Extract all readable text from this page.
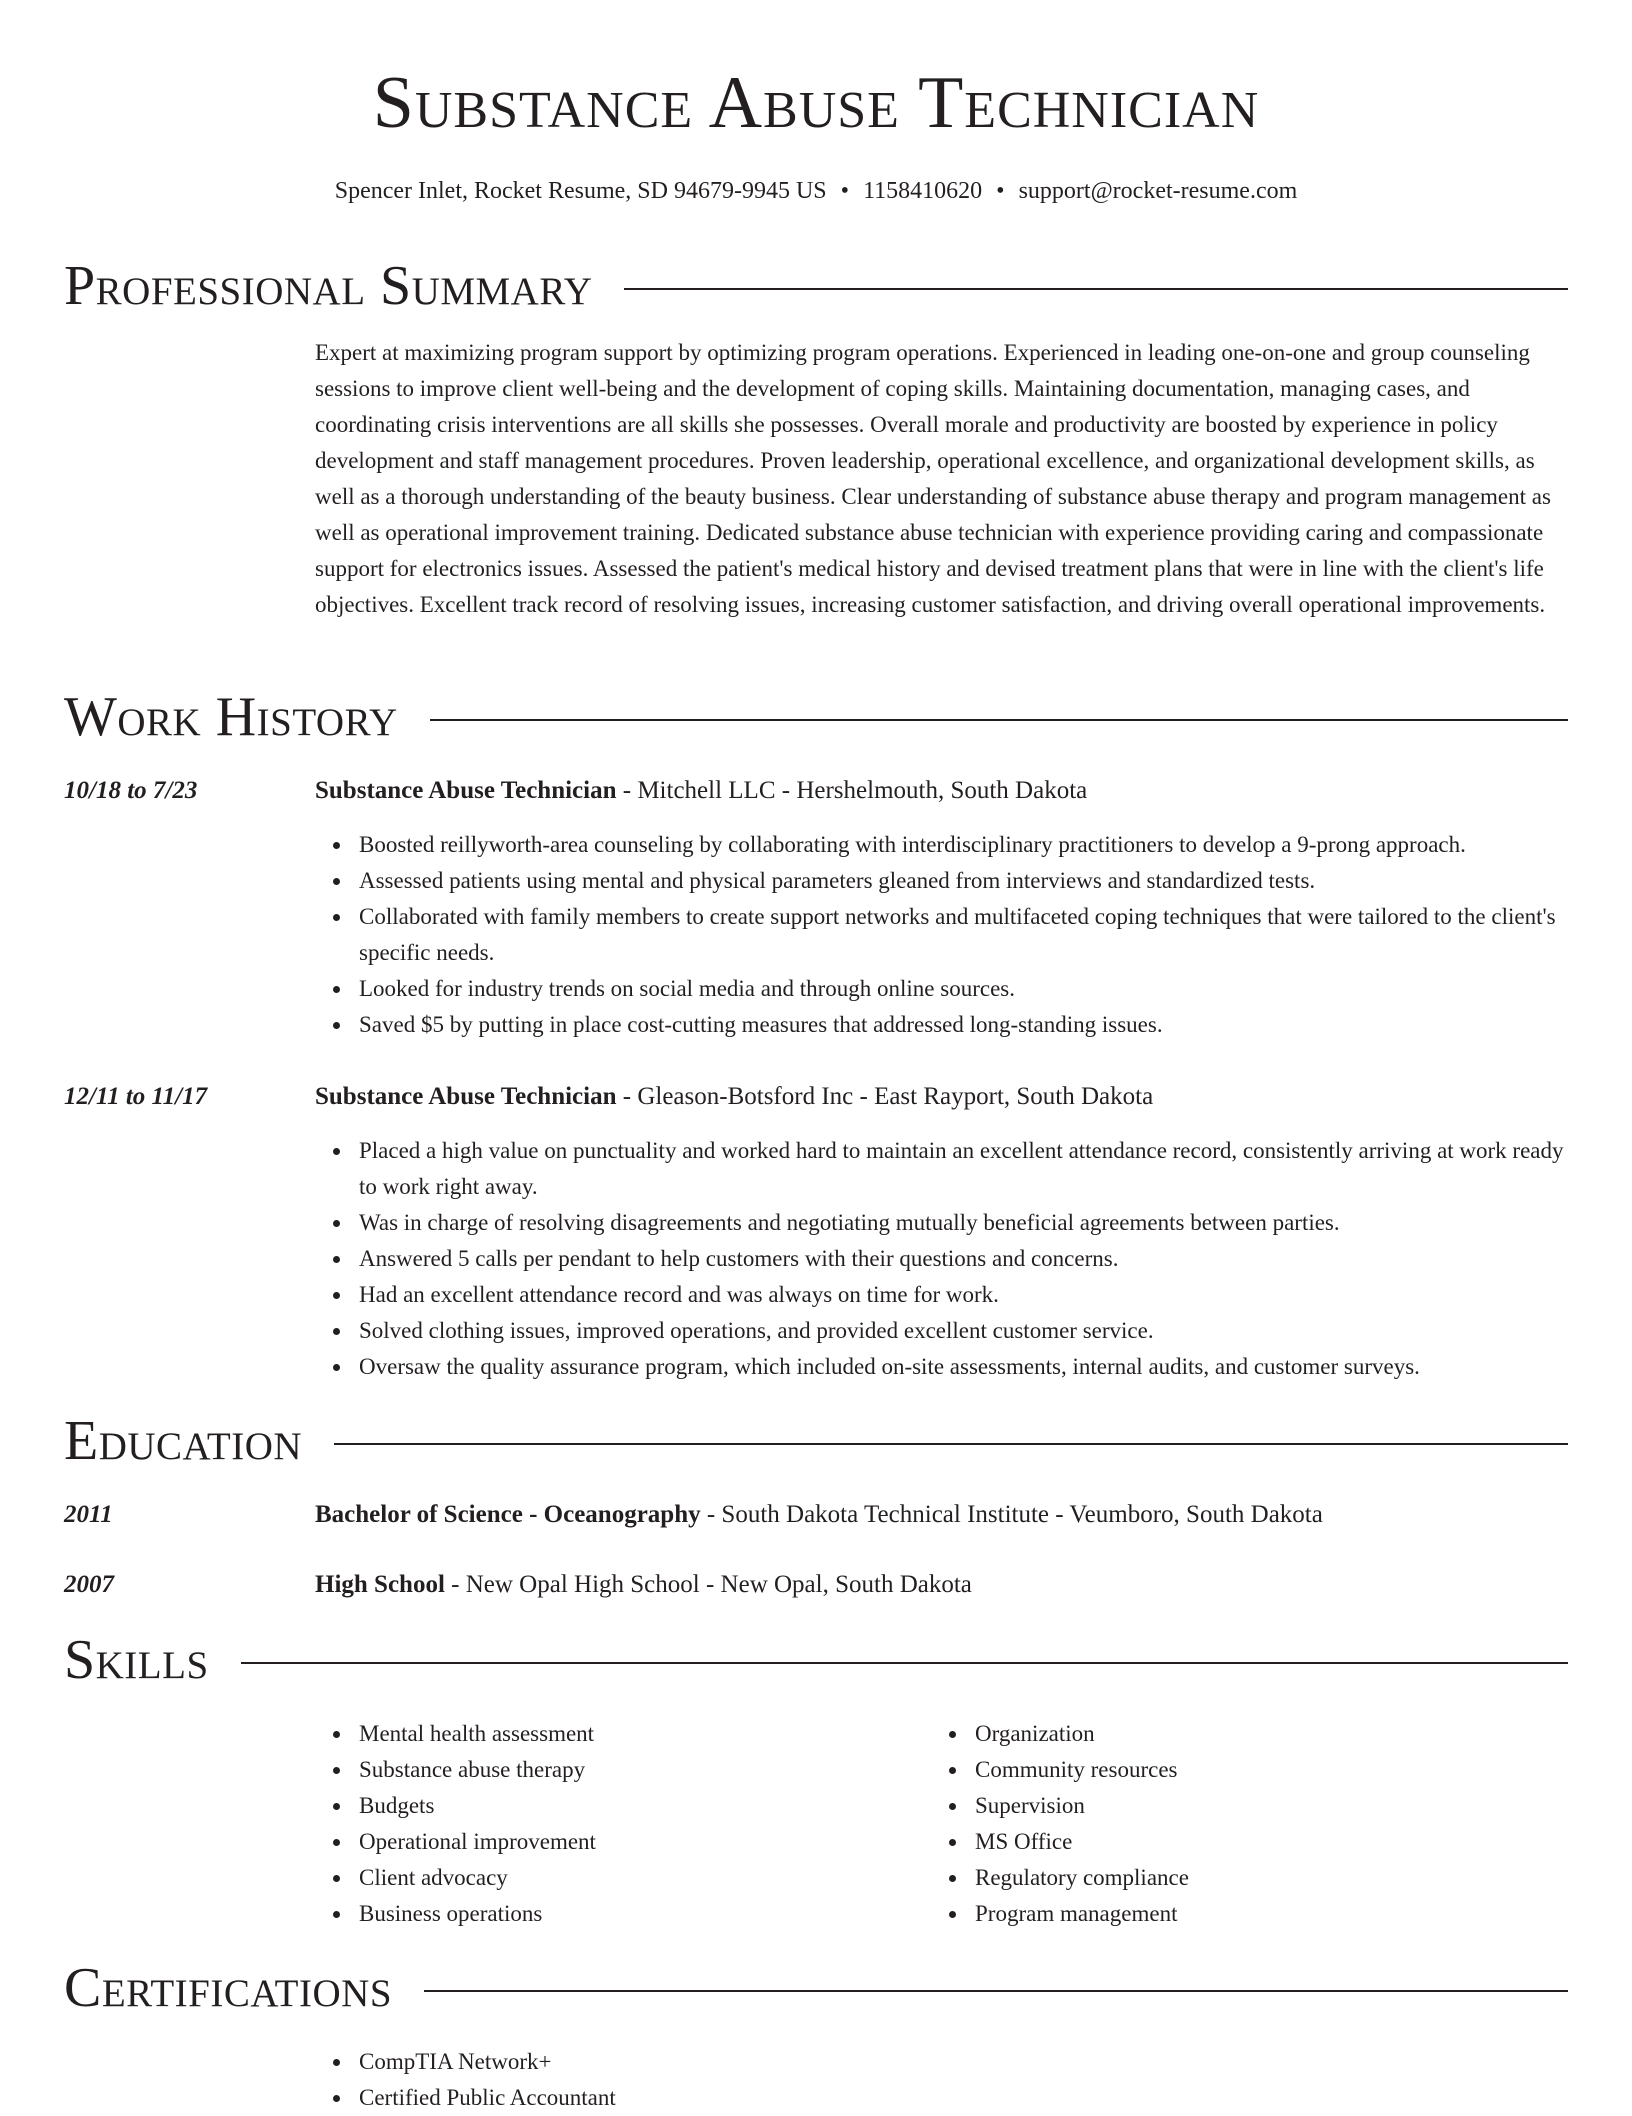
Substance Abuse Technician
Spencer Inlet, Rocket Resume, SD 94679-9945 US • 1158410620 • support@rocket-resume.com
Professional Summary

Expert at maximizing program support by optimizing program operations. Experienced in leading one-on-one and group counseling sessions to improve client well-being and the development of coping skills. Maintaining documentation, managing cases, and coordinating crisis interventions are all skills she possesses. Overall morale and productivity are boosted by experience in policy development and staff management procedures. Proven leadership, operational excellence, and organizational development skills, as well as a thorough understanding of the beauty business. Clear understanding of substance abuse therapy and program management as well as operational improvement training. Dedicated substance abuse technician with experience providing caring and compassionate support for electronics issues. Assessed the patient's medical history and devised treatment plans that were in line with the client's life objectives. Excellent track record of resolving issues, increasing customer satisfaction, and driving overall operational improvements.

Work History
10/18 to 7/23	Substance Abuse Technician - Mitchell LLC - Hershelmouth, South Dakota
Boosted reillyworth-area counseling by collaborating with interdisciplinary practitioners to develop a 9-prong approach.
Assessed patients using mental and physical parameters gleaned from interviews and standardized tests.
Collaborated with family members to create support networks and multifaceted coping techniques that were tailored to the client's specific needs.
Looked for industry trends on social media and through online sources.
Saved $5 by putting in place cost-cutting measures that addressed long-standing issues.
12/11 to 11/17	Substance Abuse Technician - Gleason-Botsford Inc - East Rayport, South Dakota
Placed a high value on punctuality and worked hard to maintain an excellent attendance record, consistently arriving at work ready to work right away.
Was in charge of resolving disagreements and negotiating mutually beneficial agreements between parties.
Answered 5 calls per pendant to help customers with their questions and concerns.
Had an excellent attendance record and was always on time for work.
Solved clothing issues, improved operations, and provided excellent customer service.
Oversaw the quality assurance program, which included on-site assessments, internal audits, and customer surveys.
Education
2011	Bachelor of Science - Oceanography - South Dakota Technical Institute - Veumboro, South Dakota
2007	High School - New Opal High School - New Opal, South Dakota
Skills
Mental health assessment
Substance abuse therapy
Budgets
Operational improvement
Client advocacy
Business operations
Organization
Community resources
Supervision
MS Office
Regulatory compliance
Program management
Certifications
CompTIA Network+
Certified Public Accountant
